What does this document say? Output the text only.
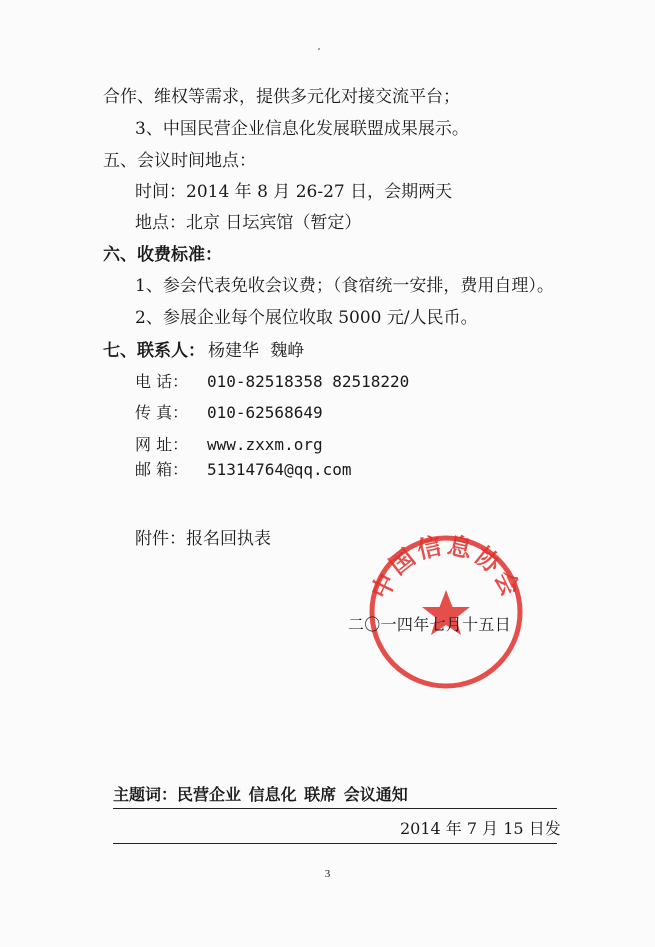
合作、维权等需求，提供多元化对接交流平台；
3、中国民营企业信息化发展联盟成果展示。
五、会议时间地点：
时间：2014 年 8 月 26-27 日，会期两天
地点：北京 日坛宾馆（暂定）
六、收费标准：
1、参会代表免收会议费；（食宿统一安排，费用自理）。
2、参展企业每个展位收取 5000 元/人民币。
七、联系人： 杨建华 魏峥
电 话： 010-82518358 82518220
传 真： 010-62568649
网 址： www.zxxm.org
邮 箱： 51314764@qq.com
附件：报名回执表
中国信息协会
二〇一四年七月十五日
主题词：民营企业 信息化 联席 会议通知
2014 年 7 月 15 日发
3
